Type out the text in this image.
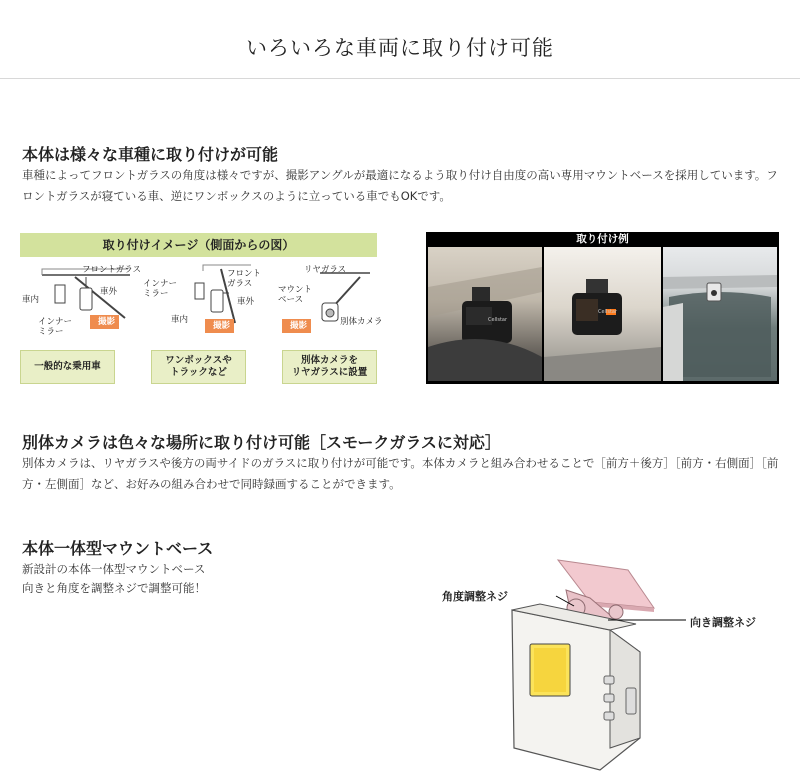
いろいろな車両に取り付け可能
本体は様々な車種に取り付けが可能
車種によってフロントガラスの角度は様々ですが、撮影アングルが最適になるよう取り付け自由度の高い専用マウントベースを採用しています。フロントガラスが寝ている車、逆にワンボックスのように立っている車でもOKです。
取り付けイメージ（側面からの図）
フロントガラス
車外
車内
インナー
ミラー
撮影
一般的な乗用車
フロント
ガラス
車外
インナー
ミラー
車内
撮影
ワンボックスや
トラックなど
リヤガラス
マウント
ベース
別体カメラ
撮影
別体カメラを
リヤガラスに設置
取り付け例
Cellstar
Cellstar
別体カメラは色々な場所に取り付け可能［スモークガラスに対応］
別体カメラは、リヤガラスや後方の両サイドのガラスに取り付けが可能です。本体カメラと組み合わせることで［前方＋後方］［前方・右側面］［前方・左側面］など、お好みの組み合わせで同時録画することができます。
本体一体型マウントベース
新設計の本体一体型マウントベース
向きと角度を調整ネジで調整可能！
角度調整ネジ
向き調整ネジ
